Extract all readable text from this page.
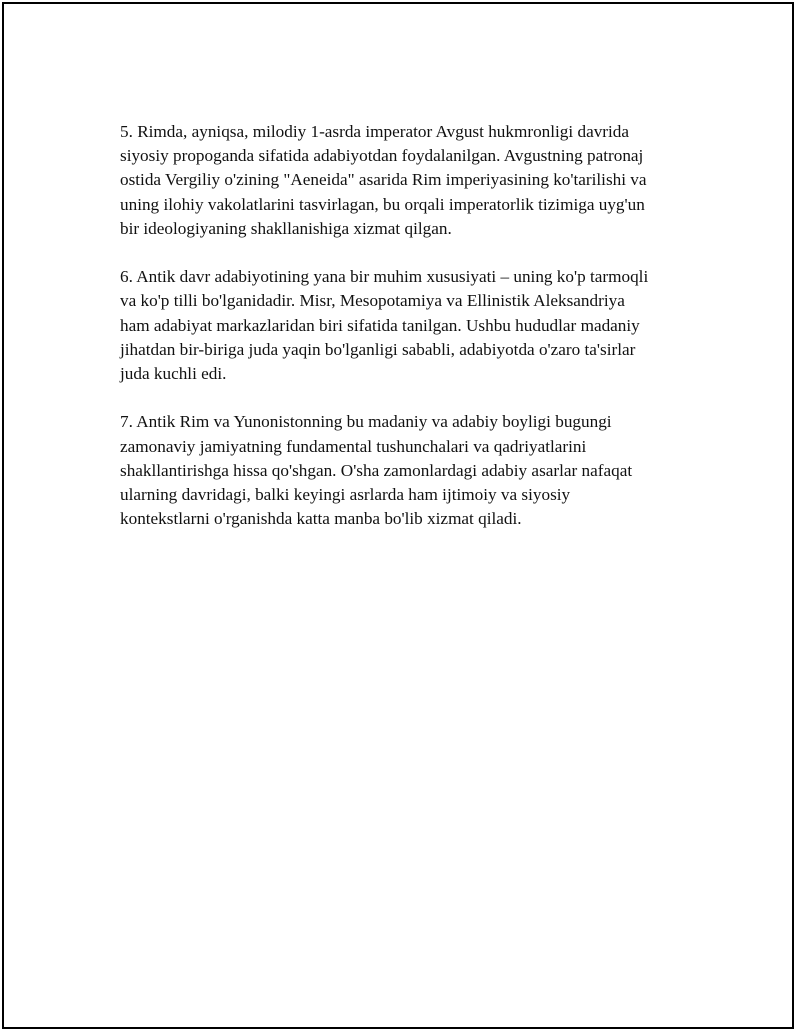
5. Rimda, ayniqsa, milodiy 1-asrda imperator Avgust hukmronligi davrida
siyosiy propoganda sifatida adabiyotdan foydalanilgan. Avgustning patronaj
ostida Vergiliy o'zining "Aeneida" asarida Rim imperiyasining ko'tarilishi va
uning ilohiy vakolatlarini tasvirlagan, bu orqali imperatorlik tizimiga uyg'un
bir ideologiyaning shakllanishiga xizmat qilgan.

6. Antik davr adabiyotining yana bir muhim xususiyati – uning ko'p tarmoqli
va ko'p tilli bo'lganidadir. Misr, Mesopotamiya va Ellinistik Aleksandriya
ham adabiyat markazlaridan biri sifatida tanilgan. Ushbu hududlar madaniy
jihatdan bir-biriga juda yaqin bo'lganligi sababli, adabiyotda o'zaro ta'sirlar
juda kuchli edi.

7. Antik Rim va Yunonistonning bu madaniy va adabiy boyligi bugungi
zamonaviy jamiyatning fundamental tushunchalari va qadriyatlarini
shakllantirishga hissa qo'shgan. O'sha zamonlardagi adabiy asarlar nafaqat
ularning davridagi, balki keyingi asrlarda ham ijtimoiy va siyosiy
kontekstlarni o'rganishda katta manba bo'lib xizmat qiladi.
